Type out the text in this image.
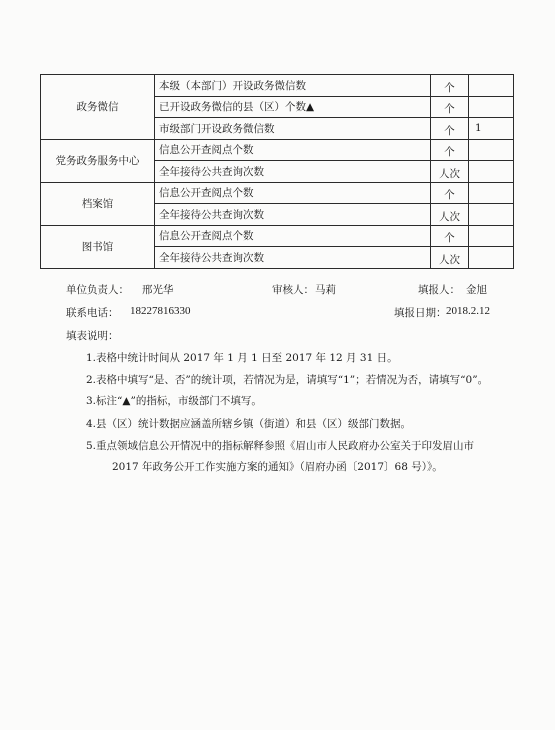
政务微信	本级（本部门）开设政务微信数	个	
	已开设政务微信的县（区）个数▲	个	
	市级部门开设政务微信数	个	1
党务政务服务中心	信息公开查阅点个数	个	
	全年接待公共查询次数	人次	
档案馆	信息公开查阅点个数	个	
	全年接待公共查询次数	人次	
图书馆	信息公开查阅点个数	个	
	全年接待公共查询次数	人次	
单位负责人： 邢光华	审核人： 马莉	填报人： 金旭
联系电话： 18227816330	填报日期： 2018.2.12
填表说明：
1.表格中统计时间从 2017 年 1 月 1 日至 2017 年 12 月 31 日。
2.表格中填写“是、否”的统计项，若情况为是，请填写“1”；若情况为否，请填写“0”。
3.标注“▲”的指标，市级部门不填写。
4.县（区）统计数据应涵盖所辖乡镇（街道）和县（区）级部门数据。
5.重点领域信息公开情况中的指标解释参照《眉山市人民政府办公室关于印发眉山市
2017 年政务公开工作实施方案的通知》（眉府办函〔2017〕68 号）》。
